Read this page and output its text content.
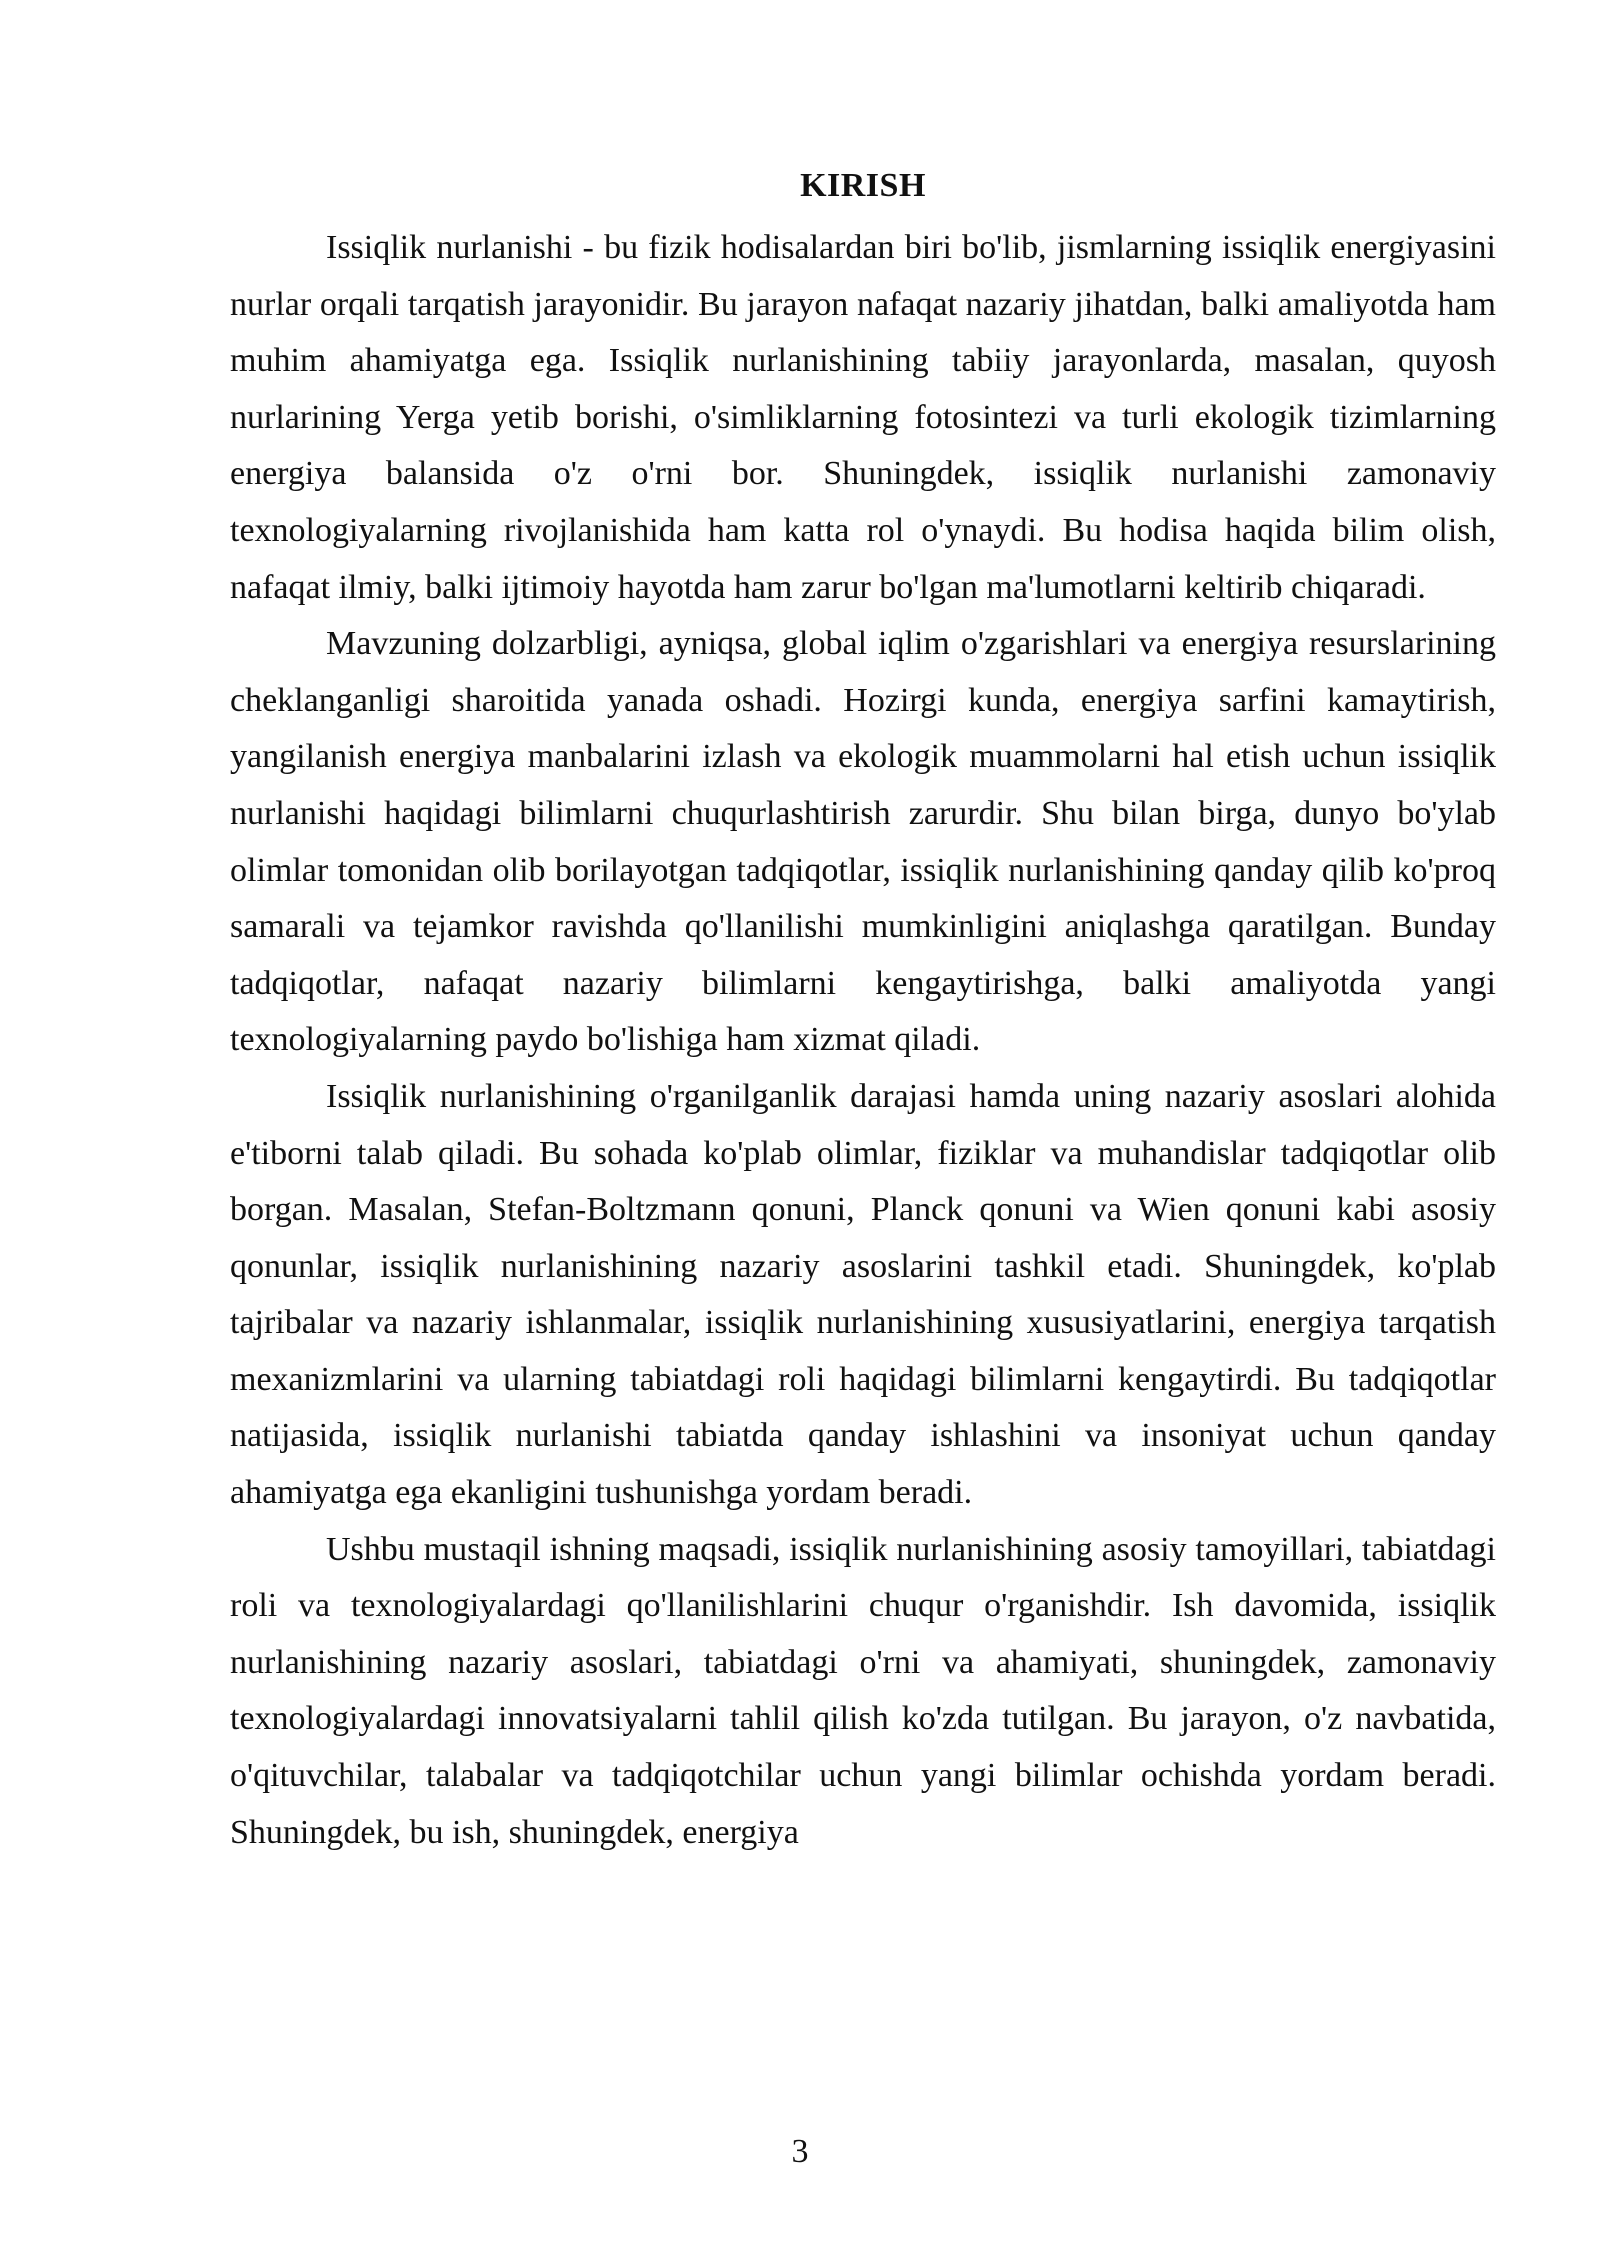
KIRISH

Issiqlik nurlanishi - bu fizik hodisalardan biri bo'lib, jismlarning issiqlik energiyasini nurlar orqali tarqatish jarayonidir. Bu jarayon nafaqat nazariy jihatdan, balki amaliyotda ham muhim ahamiyatga ega. Issiqlik nurlanishining tabiiy jarayonlarda, masalan, quyosh nurlarining Yerga yetib borishi, o'simliklarning fotosintezi va turli ekologik tizimlarning energiya balansida o'z o'rni bor. Shuningdek, issiqlik nurlanishi zamonaviy texnologiyalarning rivojlanishida ham katta rol o'ynaydi. Bu hodisa haqida bilim olish, nafaqat ilmiy, balki ijtimoiy hayotda ham zarur bo'lgan ma'lumotlarni keltirib chiqaradi.

Mavzuning dolzarbligi, ayniqsa, global iqlim o'zgarishlari va energiya resurslarining cheklanganligi sharoitida yanada oshadi. Hozirgi kunda, energiya sarfini kamaytirish, yangilanish energiya manbalarini izlash va ekologik muammolarni hal etish uchun issiqlik nurlanishi haqidagi bilimlarni chuqurlashtirish zarurdir. Shu bilan birga, dunyo bo'ylab olimlar tomonidan olib borilayotgan tadqiqotlar, issiqlik nurlanishining qanday qilib ko'proq samarali va tejamkor ravishda qo'llanilishi mumkinligini aniqlashga qaratilgan. Bunday tadqiqotlar, nafaqat nazariy bilimlarni kengaytirishga, balki amaliyotda yangi texnologiyalarning paydo bo'lishiga ham xizmat qiladi.

Issiqlik nurlanishining o'rganilganlik darajasi hamda uning nazariy asoslari alohida e'tiborni talab qiladi. Bu sohada ko'plab olimlar, fiziklar va muhandislar tadqiqotlar olib borgan. Masalan, Stefan-Boltzmann qonuni, Planck qonuni va Wien qonuni kabi asosiy qonunlar, issiqlik nurlanishining nazariy asoslarini tashkil etadi. Shuningdek, ko'plab tajribalar va nazariy ishlanmalar, issiqlik nurlanishining xususiyatlarini, energiya tarqatish mexanizmlarini va ularning tabiatdagi roli haqidagi bilimlarni kengaytirdi. Bu tadqiqotlar natijasida, issiqlik nurlanishi tabiatda qanday ishlashini va insoniyat uchun qanday ahamiyatga ega ekanligini tushunishga yordam beradi.

Ushbu mustaqil ishning maqsadi, issiqlik nurlanishining asosiy tamoyillari, tabiatdagi roli va texnologiyalardagi qo'llanilishlarini chuqur o'rganishdir. Ish davomida, issiqlik nurlanishining nazariy asoslari, tabiatdagi o'rni va ahamiyati, shuningdek, zamonaviy texnologiyalardagi innovatsiyalarni tahlil qilish ko'zda tutilgan. Bu jarayon, o'z navbatida, o'qituvchilar, talabalar va tadqiqotchilar uchun yangi bilimlar ochishda yordam beradi. Shuningdek, bu ish, shuningdek, energiya

3
